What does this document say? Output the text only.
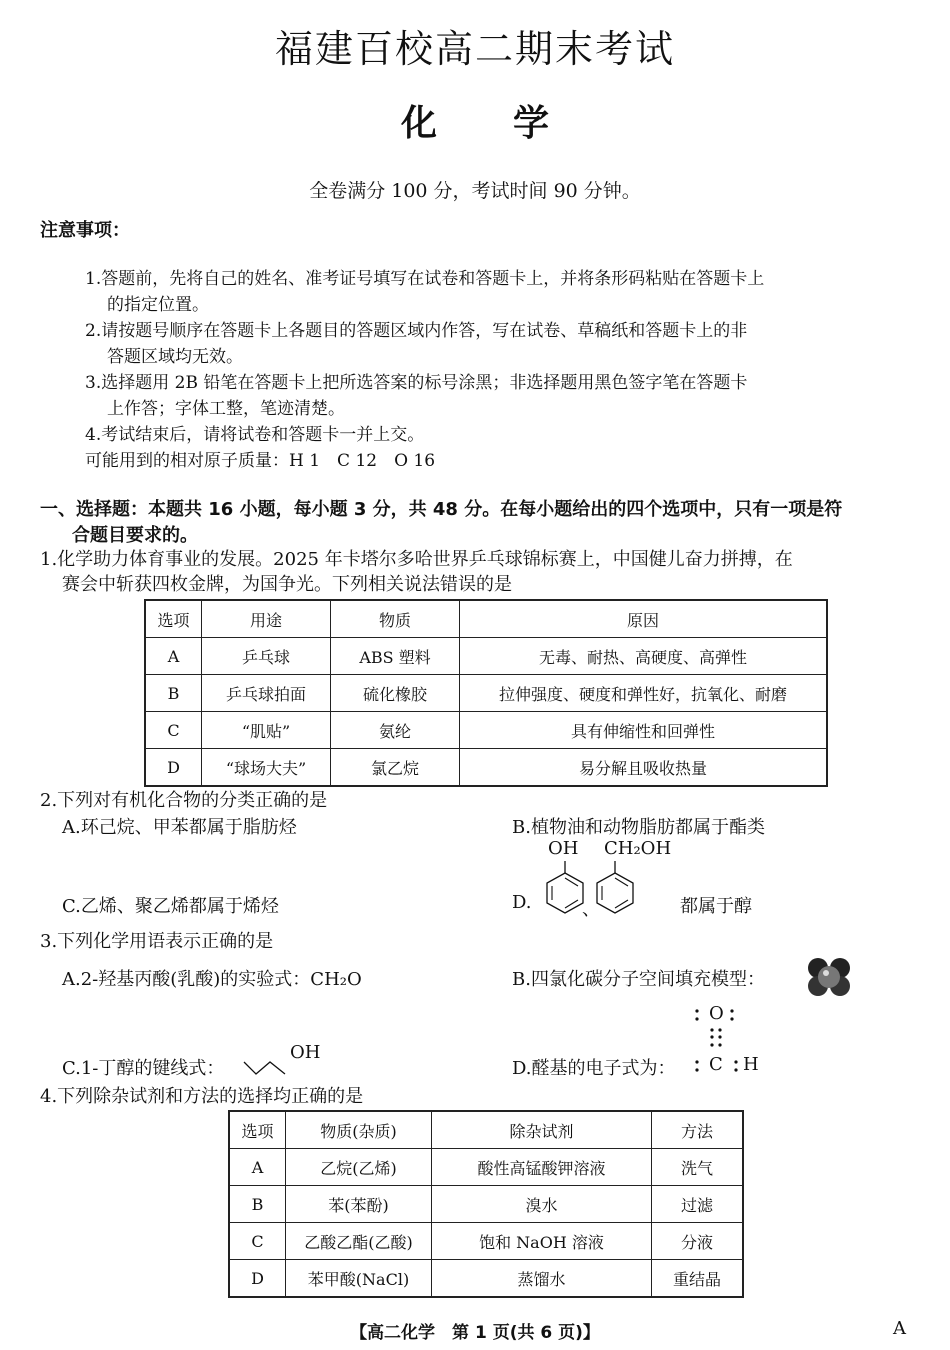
福建百校高二期末考试
化 学
全卷满分 100 分，考试时间 90 分钟。
注意事项：
1.答题前，先将自己的姓名、准考证号填写在试卷和答题卡上，并将条形码粘贴在答题卡上
的指定位置。
2.请按题号顺序在答题卡上各题目的答题区域内作答，写在试卷、草稿纸和答题卡上的非
答题区域均无效。
3.选择题用 2B 铅笔在答题卡上把所选答案的标号涂黑；非选择题用黑色签字笔在答题卡
上作答；字体工整，笔迹清楚。
4.考试结束后，请将试卷和答题卡一并上交。
可能用到的相对原子质量：H 1　C 12　O 16
一、选择题：本题共 16 小题，每小题 3 分，共 48 分。在每小题给出的四个选项中，只有一项是符
合题目要求的。
1.化学助力体育事业的发展。2025 年卡塔尔多哈世界乒乓球锦标赛上，中国健儿奋力拼搏，在
赛会中斩获四枚金牌，为国争光。下列相关说法错误的是
选项	用途	物质	原因
A	乒乓球	ABS 塑料	无毒、耐热、高硬度、高弹性
B	乒乓球拍面	硫化橡胶	拉伸强度、硬度和弹性好，抗氧化、耐磨
C	“肌贴”	氨纶	具有伸缩性和回弹性
D	“球场大夫”	氯乙烷	易分解且吸收热量
2.下列对有机化合物的分类正确的是
A.环己烷、甲苯都属于脂肪烃	B.植物油和动物脂肪都属于酯类
C.乙烯、聚乙烯都属于烯烃	D.
OH CH₂OH
、	都属于醇
3.下列化学用语表示正确的是
A.2-羟基丙酸(乳酸)的实验式：CH₂O	B.四氯化碳分子空间填充模型：
C.1-丁醇的键线式：
OH
D.醛基的电子式为：
O
C H
4.下列除杂试剂和方法的选择均正确的是
选项	物质(杂质)	除杂试剂	方法
A	乙烷(乙烯)	酸性高锰酸钾溶液	洗气
B	苯(苯酚)	溴水	过滤
C	乙酸乙酯(乙酸)	饱和 NaOH 溶液	分液
D	苯甲酸(NaCl)	蒸馏水	重结晶
【高二化学　第 1 页(共 6 页)】	A
